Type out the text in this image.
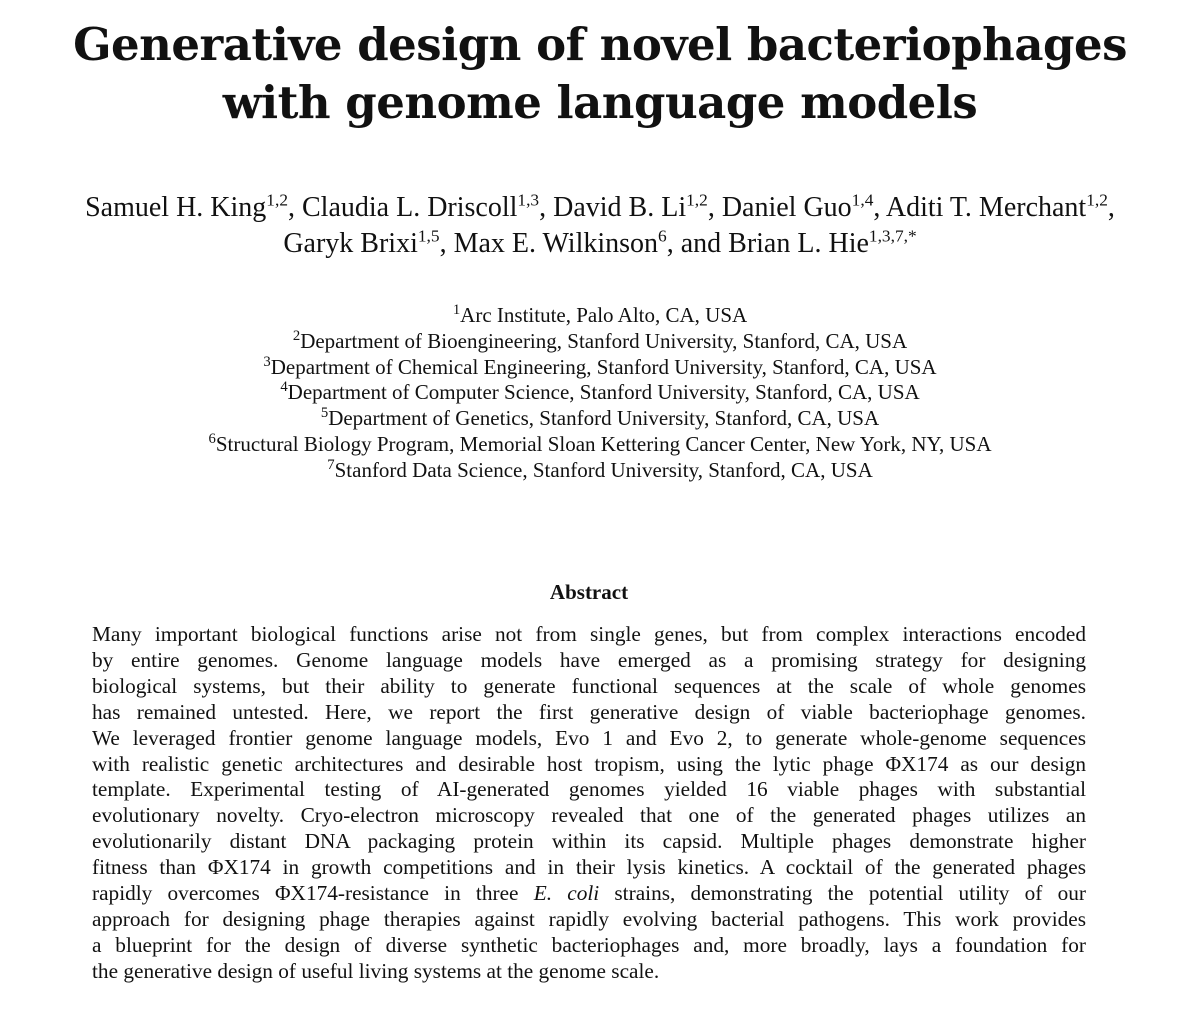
Generative design of novel bacteriophages
with genome language models
Samuel H. King$^{1,2}$, Claudia L. Driscoll$^{1,3}$, David B. Li$^{1,2}$, Daniel Guo$^{1,4}$, Aditi T. Merchant$^{1,2}$,
Garyk Brixi$^{1,5}$, Max E. Wilkinson$^6$, and Brian L. Hie$^{1,3,7,*}$
$^1$Arc Institute, Palo Alto, CA, USA
$^2$Department of Bioengineering, Stanford University, Stanford, CA, USA
$^3$Department of Chemical Engineering, Stanford University, Stanford, CA, USA
$^4$Department of Computer Science, Stanford University, Stanford, CA, USA
$^5$Department of Genetics, Stanford University, Stanford, CA, USA
$^6$Structural Biology Program, Memorial Sloan Kettering Cancer Center, New York, NY, USA
$^7$Stanford Data Science, Stanford University, Stanford, CA, USA
Abstract
Many important biological functions arise not from single genes, but from complex interactions encoded
by entire genomes. Genome language models have emerged as a promising strategy for designing
biological systems, but their ability to generate functional sequences at the scale of whole genomes
has remained untested. Here, we report the first generative design of viable bacteriophage genomes.
We leveraged frontier genome language models, Evo 1 and Evo 2, to generate whole-genome sequences
with realistic genetic architectures and desirable host tropism, using the lytic phage ΦX174 as our design
template. Experimental testing of AI-generated genomes yielded 16 viable phages with substantial
evolutionary novelty. Cryo-electron microscopy revealed that one of the generated phages utilizes an
evolutionarily distant DNA packaging protein within its capsid. Multiple phages demonstrate higher
fitness than ΦX174 in growth competitions and in their lysis kinetics. A cocktail of the generated phages
rapidly overcomes ΦX174-resistance in three E. coli strains, demonstrating the potential utility of our
approach for designing phage therapies against rapidly evolving bacterial pathogens. This work provides
a blueprint for the design of diverse synthetic bacteriophages and, more broadly, lays a foundation for
the generative design of useful living systems at the genome scale.
